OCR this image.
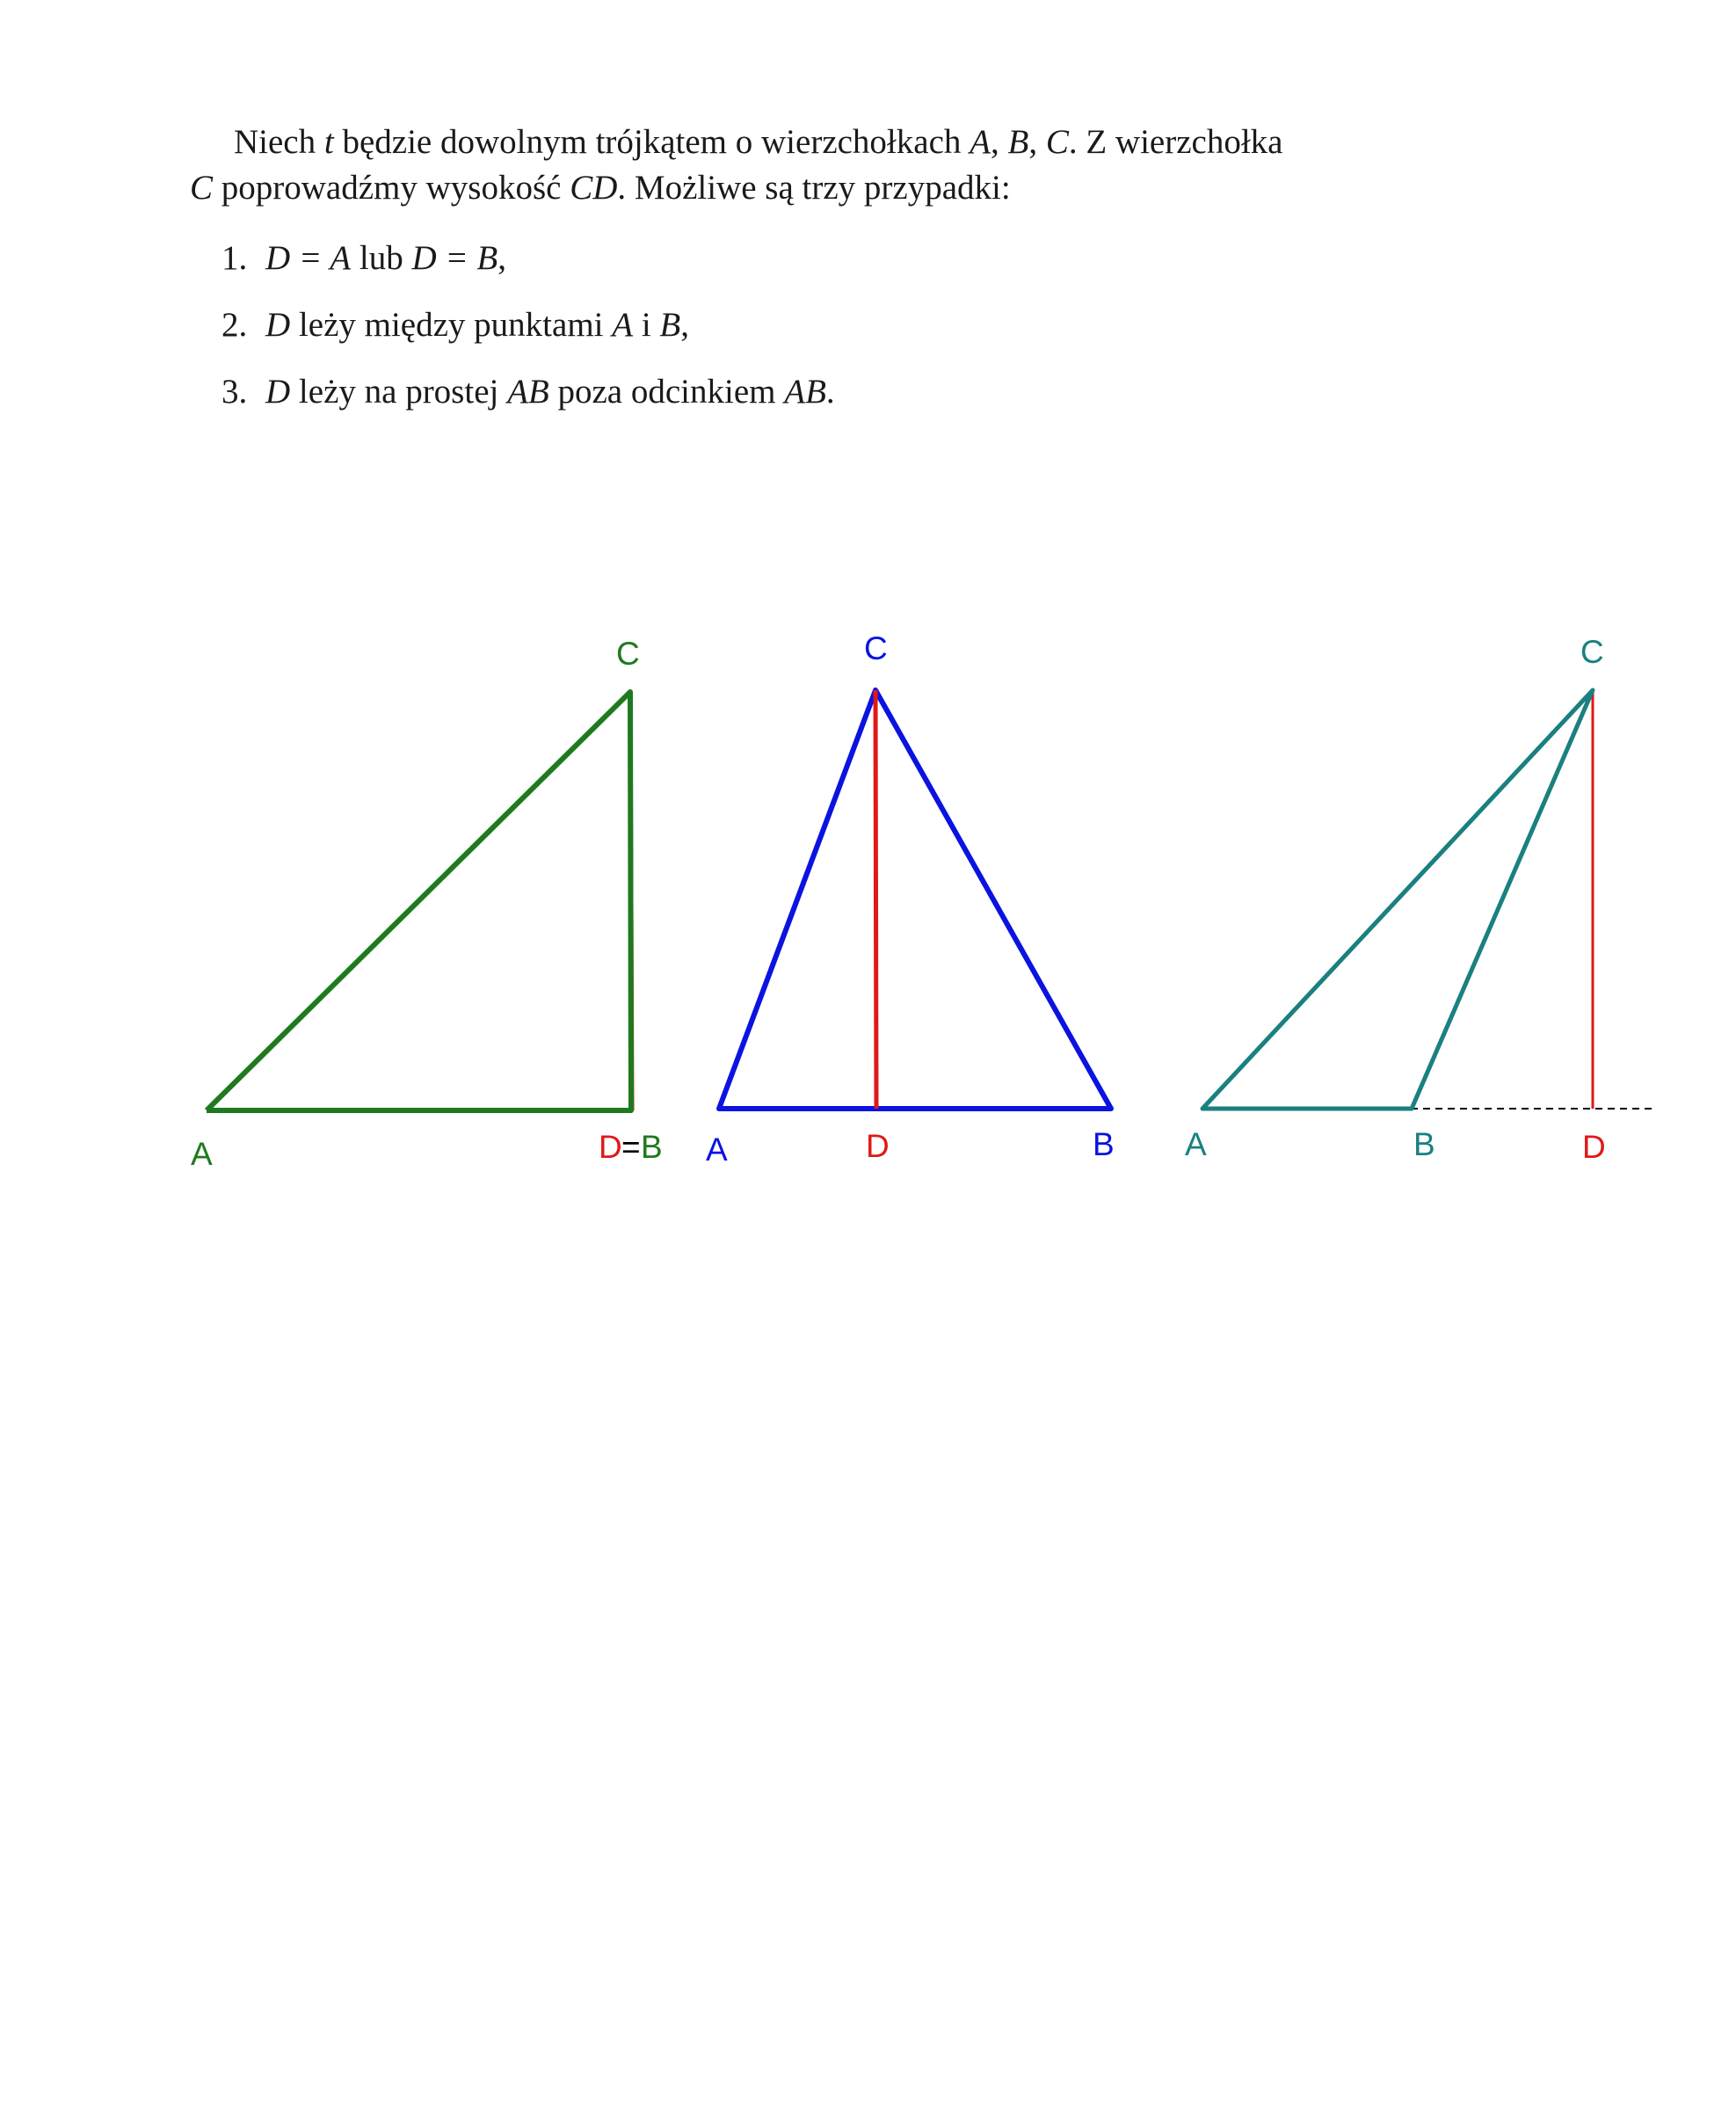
Niech t będzie dowolnym trójkątem o wierzchołkach A, B, C. Z wierzchołka
C poprowadźmy wysokość CD. Możliwe są trzy przypadki:

1. D = A lub D = B,
2. D leży między punktami A i B,
3. D leży na prostej AB poza odcinkiem AB.
C
A	D = B
C
A	D	B
C
A	B	D
